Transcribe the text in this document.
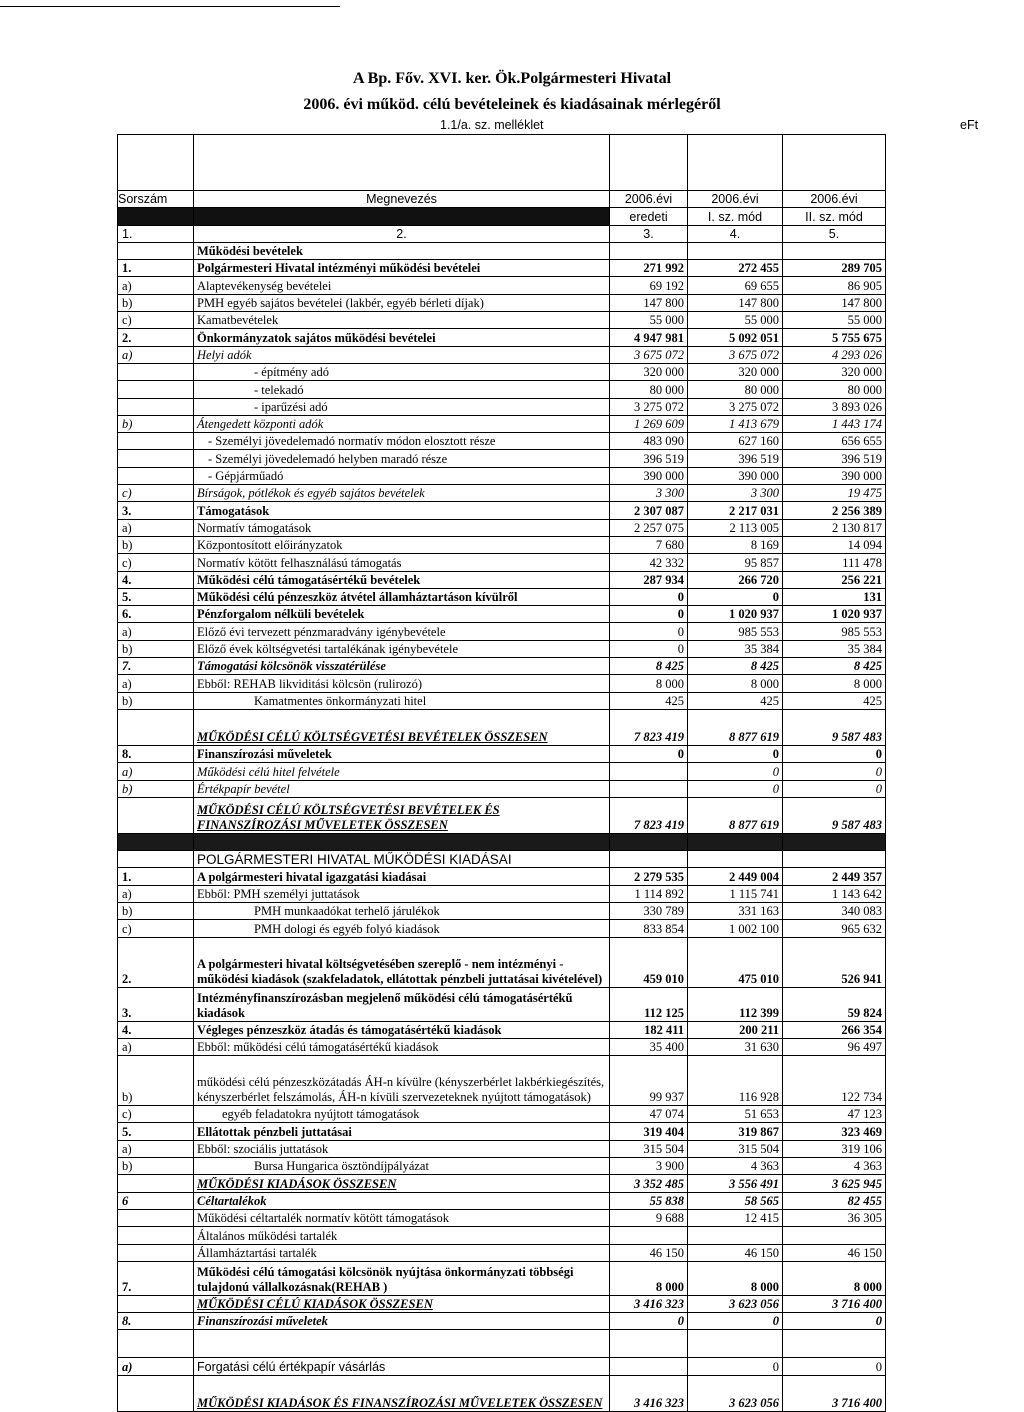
A Bp. Főv. XVI. ker. Ök.Polgármesteri Hivatal
2006. évi működ. célú bevételeinek és kiadásainak mérlegéről
1.1/a. sz. melléklet	eFt
Sorszám	Megnevezés	2006.évi	2006.évi	2006.évi
		eredeti	I. sz. mód	II. sz. mód
1.	2.	3.	4.	5.
	Működési bevételek			
1.	Polgármesteri Hivatal intézményi működési bevételei	271 992	272 455	289 705
a)	Alaptevékenység bevételei	69 192	69 655	86 905
b)	PMH egyéb sajátos bevételei (lakbér, egyéb bérleti díjak)	147 800	147 800	147 800
c)	Kamatbevételek	55 000	55 000	55 000
2.	Önkormányzatok sajátos működési bevételei	4 947 981	5 092 051	5 755 675
a)	Helyi adók	3 675 072	3 675 072	4 293 026
	- építmény adó	320 000	320 000	320 000
	- telekadó	80 000	80 000	80 000
	- iparűzési adó	3 275 072	3 275 072	3 893 026
b)	Átengedett központi adók	1 269 609	1 413 679	1 443 174
	- Személyi jövedelemadó normatív módon elosztott része	483 090	627 160	656 655
	- Személyi jövedelemadó helyben maradó része	396 519	396 519	396 519
	- Gépjárműadó	390 000	390 000	390 000
c)	Bírságok, pótlékok és egyéb sajátos bevételek	3 300	3 300	19 475
3.	Támogatások	2 307 087	2 217 031	2 256 389
a)	Normatív támogatások	2 257 075	2 113 005	2 130 817
b)	Központosított előirányzatok	7 680	8 169	14 094
c)	Normatív kötött felhasználású támogatás	42 332	95 857	111 478
4.	Működési célú támogatásértékű bevételek	287 934	266 720	256 221
5.	Működési célú pénzeszköz átvétel államháztartáson kívülről	0	0	131
6.	Pénzforgalom nélküli bevételek	0	1 020 937	1 020 937
a)	Előző évi tervezett pénzmaradvány igénybevétele	0	985 553	985 553
b)	Előző évek költségvetési tartalékának igénybevétele	0	35 384	35 384
7.	Támogatási kölcsönök visszatérülése	8 425	8 425	8 425
a)	Ebből: REHAB likviditási kölcsön (rulirozó)	8 000	8 000	8 000
b)	Kamatmentes önkormányzati hitel	425	425	425
	MŰKÖDÉSI CÉLÚ KÖLTSÉGVETÉSI BEVÉTELEK ÖSSZESEN	7 823 419	8 877 619	9 587 483
8.	Finanszírozási műveletek	0	0	0
a)	Működési célú hitel felvétele		0	0
b)	Értékpapír bevétel		0	0
	MŰKÖDÉSI CÉLÚ KÖLTSÉGVETÉSI BEVÉTELEK ÉS FINANSZÍROZÁSI MŰVELETEK ÖSSZESEN	7 823 419	8 877 619	9 587 483

	POLGÁRMESTERI HIVATAL MŰKÖDÉSI KIADÁSAI			
1.	A polgármesteri hivatal igazgatási kiadásai	2 279 535	2 449 004	2 449 357
a)	Ebből: PMH személyi juttatások	1 114 892	1 115 741	1 143 642
b)	PMH munkaadókat terhelő járulékok	330 789	331 163	340 083
c)	PMH dologi és egyéb folyó kiadások	833 854	1 002 100	965 632
2.	A polgármesteri hivatal költségvetésében szereplő - nem intézményi - működési kiadások (szakfeladatok, ellátottak pénzbeli juttatásai kivételével)	459 010	475 010	526 941
3.	Intézményfinanszírozásban megjelenő működési célú támogatásértékű kiadások	112 125	112 399	59 824
4.	Végleges pénzeszköz átadás és támogatásértékű kiadások	182 411	200 211	266 354
a)	Ebből: működési célú támogatásértékű kiadások	35 400	31 630	96 497
b)	működési célú pénzeszközátadás ÁH-n kívülre (kényszerbérlet lakbérkiegészítés, kényszerbérlet felszámolás, ÁH-n kívüli szervezeteknek nyújtott támogatások)	99 937	116 928	122 734
c)	egyéb feladatokra nyújtott támogatások	47 074	51 653	47 123
5.	Ellátottak pénzbeli juttatásai	319 404	319 867	323 469
a)	Ebből: szociális juttatások	315 504	315 504	319 106
b)	Bursa Hungarica ösztöndíjpályázat	3 900	4 363	4 363
	MŰKÖDÉSI KIADÁSOK ÖSSZESEN	3 352 485	3 556 491	3 625 945
6	Céltartalékok	55 838	58 565	82 455
	Működési céltartalék normatív kötött támogatások	9 688	12 415	36 305
	Általános működési tartalék			
	Államháztartási tartalék	46 150	46 150	46 150
7.	Működési célú támogatási kölcsönök nyújtása önkormányzati többségi tulajdonú vállalkozásnak(REHAB )	8 000	8 000	8 000
	MŰKÖDÉSI CÉLÚ KIADÁSOK ÖSSZESEN	3 416 323	3 623 056	3 716 400
8.	Finanszírozási műveletek	0	0	0

a)	Forgatási célú értékpapír vásárlás		0	0
	MŰKÖDÉSI KIADÁSOK ÉS FINANSZÍROZÁSI MŰVELETEK ÖSSZESEN	3 416 323	3 623 056	3 716 400
